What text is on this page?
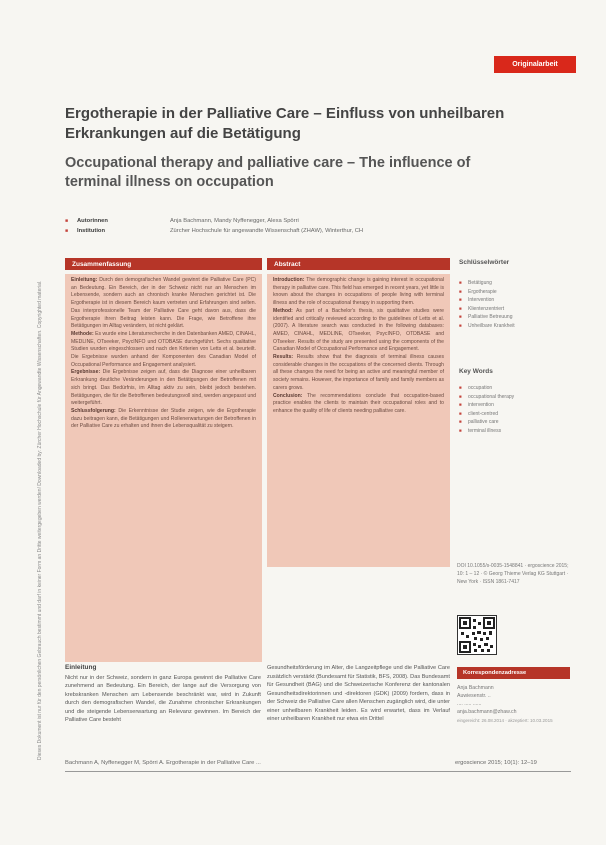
Dieses Dokument ist nur für den persönlichen Gebrauch bestimmt und darf in keiner Form an Dritte weitergegeben werden! Downloaded by: Zürcher Hochschule für Angewandte Wissenschaften. Copyrighted material.
Originalarbeit
Ergotherapie in der Palliative Care – Einfluss von unheilbaren Erkrankungen auf die Betätigung
Occupational therapy and palliative care – The influence of terminal illness on occupation
■ Autorinnen	Anja Bachmann, Mandy Nyffenegger, Alexa Spörri
■ Institution	Zürcher Hochschule für angewandte Wissenschaft (ZHAW), Winterthur, CH
Zusammenfassung	Abstract	Schlüsselwörter

Einleitung: Durch den demografischen Wandel gewinnt die Palliative Care (PC) an Bedeutung. Ein Bereich, der in der Schweiz nicht nur an Menschen im Lebensende, sondern auch an chronisch kranke Menschen gerichtet ist. Die Ergotherapie ist in diesem Bereich kaum vertreten und Erfahrungen sind selten. Das interprofessionelle Team der Palliative Care geht davon aus, dass die Ergotherapie ihren Beitrag leisten kann. Die Frage, wie Betroffene ihre Betätigungen im Alltag verändern, ist nicht geklärt.

Methode: Es wurde eine Literaturrecherche in den Datenbanken AMED, CINAHL, MEDLINE, OTseeker, PsycINFO und OTDBASE durchgeführt. Sechs qualitative Studien wurden eingeschlossen und nach den Kriterien von Letts et al. beurteilt. Die Ergebnisse wurden anhand der Komponenten des Canadian Model of Occupational Performance and Engagement analysiert.

Ergebnisse: Die Ergebnisse zeigen auf, dass die Diagnose einer unheilbaren Erkrankung deutliche Veränderungen in den Betätigungen der Betroffenen mit sich bringt. Das Bedürfnis, im Alltag aktiv zu sein, bleibt jedoch bestehen. Betätigungen, die für die Betroffenen bedeutungsvoll sind, werden angepasst und weitergeführt.

Schlussfolgerung: Die Erkenntnisse der Studie zeigen, wie die Ergotherapie dazu beitragen kann, die Betätigungen und Rollenerwartungen der Betroffenen in der Palliative Care zu erhalten und ihnen die Lebensqualität zu steigern.

Introduction: The demographic change is gaining interest in occupational therapy in palliative care. This field has emerged in recent years, yet little is known about the changes in occupations of people living with terminal illness and the role of occupational therapy in supporting them.

Method: As part of a Bachelor's thesis, six qualitative studies were identified and critically reviewed according to the guidelines of Letts et al. (2007). A literature search was conducted in the following databases: AMED, CINAHL, MEDLINE, OTseeker, PsycINFO, OTDBASE and OTseeker. Results of the study are presented using the components of the Canadian Model of Occupational Performance and Engagement.

Results: Results show that the diagnosis of terminal illness causes considerable changes in the occupations of the concerned clients. Through all these changes the need for being an active and meaningful member of society remains. However, the importance of family and family members as carers grows.

Conclusion: The recommendations conclude that occupation-based practice enables the clients to maintain their occupational roles and to enhance the quality of life of clients needing palliative care.

■ Betätigung
■ Ergotherapie
■ Intervention
■ Klientenzentriert
■ Palliative Betreuung
■ Unheilbare Krankheit
Key Words
■ occupation
■ occupational therapy
■ intervention
■ client-centred
■ palliative care
■ terminal illness
DOI 10.1055/s-0035-1548841 · ergoscience 2015; 10: 1 – 12 · © Georg Thieme Verlag KG Stuttgart · New York · ISSN 1861-7417
Korrespondenzadresse
Anja Bachmann
Auwiesenstr. ..
.... ..... ......
anja.bachmann@zhaw.ch
eingereicht: 26.08.2014 · akzeptiert: 10.03.2015
Einleitung

Nicht nur in der Schweiz, sondern in ganz Europa gewinnt die Palliative Care zunehmend an Bedeutung. Ein Bereich, der lange auf die Versorgung von krebskranken Menschen am Lebensende beschränkt war, wird in Zukunft durch den demografischen Wandel, die Zunahme chronischer Erkrankungen und die steigende Lebenserwartung an Relevanz gewinnen. Im Bereich der Palliative Care besteht

Gesundheitsförderung im Alter, die Langzeitpflege und die Palliative Care zusätzlich verstärkt (Bundesamt für Statistik, BFS, 2008). Das Bundesamt für Gesundheit (BAG) und die Schweizerische Konferenz der kantonalen Gesundheitsdirektorinnen und -direktoren (GDK) (2009) fordern, dass in der Schweiz die Palliative Care allen Menschen zugänglich wird, die unter einer unheilbaren Krankheit leiden. Es wird erwartet, dass im Verlauf einer unheilbaren Krankheit nur etwa ein Drittel

Bachmann A, Nyffenegger M, Spörri A. Ergotherapie in der Palliative Care ...	ergoscience 2015; 10(1): 12–19
